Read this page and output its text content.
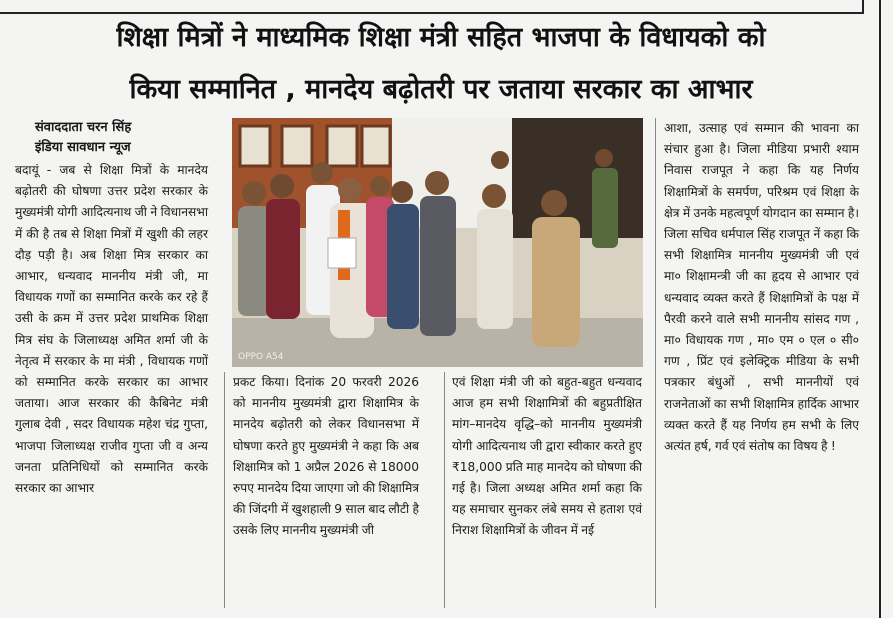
शिक्षा मित्रों ने माध्यमिक शिक्षा मंत्री सहित भाजपा के विधायको को
किया सम्मानित , मानदेय बढ़ोतरी पर जताया सरकार का आभार
संवाददाता चरन सिंह
इंडिया सावधान न्यूज
बदायूं - जब से शिक्षा मित्रों के मानदेय बढ़ोतरी की घोषणा उत्तर प्रदेश सरकार के मुख्यमंत्री योगी आदित्यनाथ जी ने विधानसभा में की है तब से शिक्षा मित्रों में खुशी की लहर दौड़ पड़ी है। अब शिक्षा मित्र सरकार का आभार, धन्यवाद माननीय मंत्री जी, मा विधायक गणों का सम्मानित करके कर रहे हैं उसी के क्रम में उत्तर प्रदेश प्राथमिक शिक्षा मित्र संघ के जिलाध्यक्ष अमित शर्मा जी के नेतृत्व में सरकार के मा मंत्री , विधायक गणों को सम्मानित करके सरकार का आभार जताया। आज सरकार की कैबिनेट मंत्री गुलाब देवी , सदर विधायक महेश चंद्र गुप्ता, भाजपा जिलाध्यक्ष राजीव गुप्ता जी व अन्य जनता प्रतिनिधियों को सम्मानित करके सरकार का आभार
OPPO A54
प्रकट किया। दिनांक 20 फरवरी 2026 को माननीय मुख्यमंत्री द्वारा शिक्षामित्र के मानदेय बढ़ोतरी को लेकर विधानसभा में घोषणा करते हुए मुख्यमंत्री ने कहा कि अब शिक्षामित्र को 1 अप्रैल 2026 से 18000 रुपए मानदेय दिया जाएगा जो की शिक्षामित्र की जिंदगी में खुशहाली 9 साल बाद लौटी है उसके लिए माननीय मुख्यमंत्री जी
एवं शिक्षा मंत्री जी को बहुत-बहुत धन्यवाद आज हम सभी शिक्षामित्रों की बहुप्रतीक्षित मांग–मानदेय वृद्धि–को माननीय मुख्यमंत्री योगी आदित्यनाथ जी द्वारा स्वीकार करते हुए ₹18,000 प्रति माह मानदेय को घोषणा की गई है। जिला अध्यक्ष अमित शर्मा कहा कि यह समाचार सुनकर लंबे समय से हताश एवं निराश शिक्षामित्रों के जीवन में नई
आशा, उत्साह एवं सम्मान की भावना का संचार हुआ है। जिला मीडिया प्रभारी श्याम निवास राजपूत ने कहा कि यह निर्णय शिक्षामित्रों के समर्पण, परिश्रम एवं शिक्षा के क्षेत्र में उनके महत्वपूर्ण योगदान का सम्मान है। जिला सचिव धर्मपाल सिंह राजपूत नें कहा कि सभी शिक्षामित्र माननीय मुख्यमंत्री जी एवं मा० शिक्षामन्त्री जी का हृदय से आभार एवं धन्यवाद व्यक्त करते हैं शिक्षामित्रों के पक्ष में पैरवी करने वाले सभी माननीय सांसद गण , मा० विधायक गण , मा० एम ० एल ० सी० गण , प्रिंट एवं इलेक्ट्रिक मीडिया के सभी पत्रकार बंधुओं , सभी माननीयों एवं राजनेताओं का सभी शिक्षामित्र हार्दिक आभार व्यक्त करते हैं यह निर्णय हम सभी के लिए अत्यंत हर्ष, गर्व एवं संतोष का विषय है !
